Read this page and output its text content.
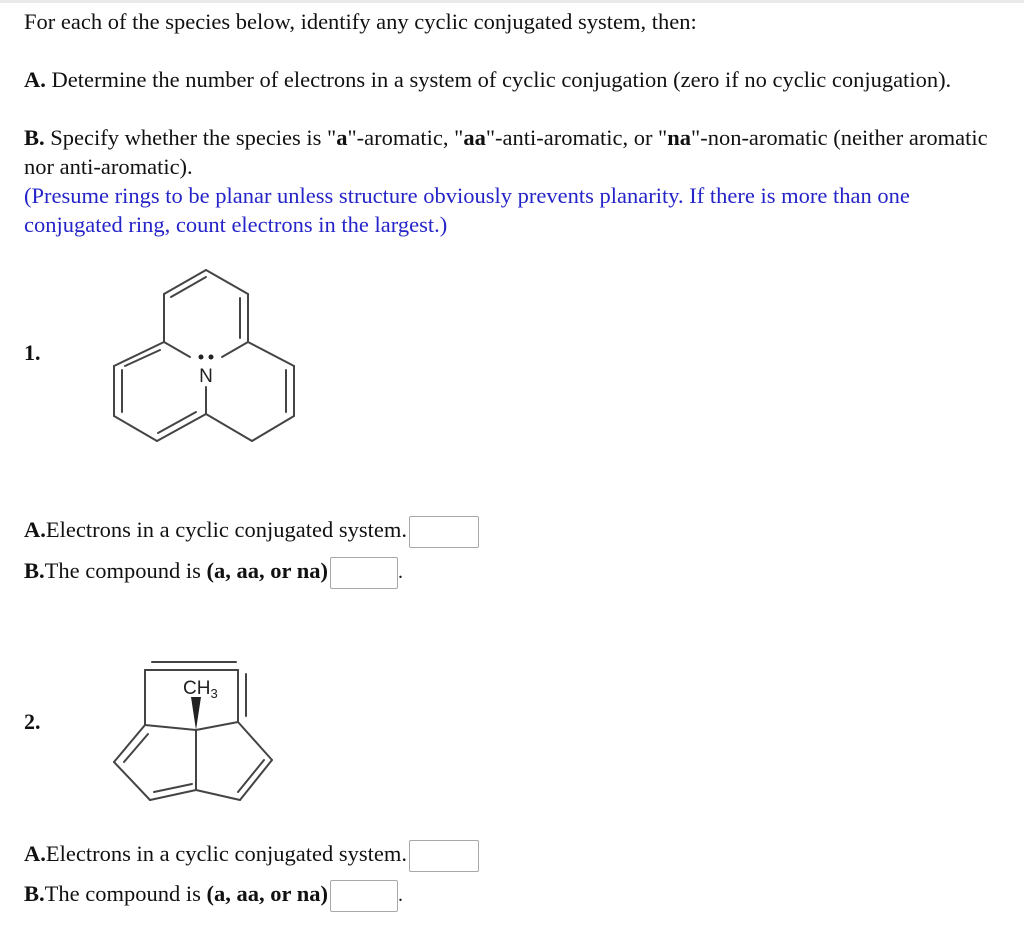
For each of the species below, identify any cyclic conjugated system, then:
A. Determine the number of electrons in a system of cyclic conjugation (zero if no cyclic conjugation).
B. Specify whether the species is "a"-aromatic, "aa"-anti-aromatic, or "na"-non-aromatic (neither aromatic nor anti-aromatic).
(Presume rings to be planar unless structure obviously prevents planarity. If there is more than one conjugated ring, count electrons in the largest.)
1.
N
A.Electrons in a cyclic conjugated system.
B.The compound is (a, aa, or na)	.
2.
$CH_3$
A.Electrons in a cyclic conjugated system.
B.The compound is (a, aa, or na)	.
